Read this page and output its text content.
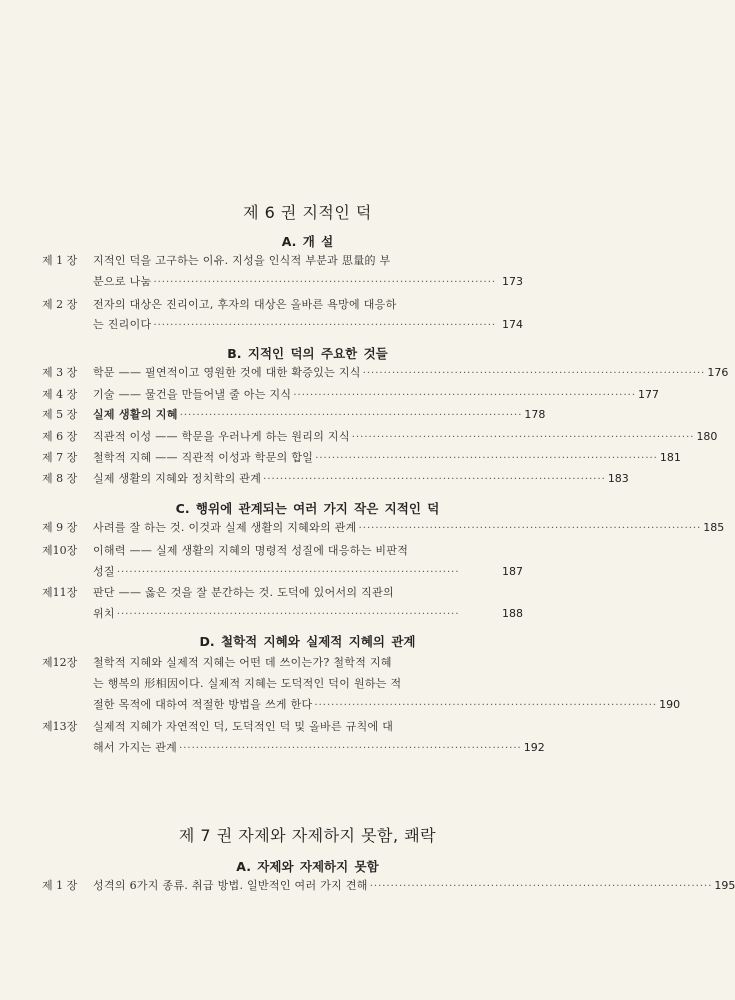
제 6 권 지적인 덕
A. 개 설
제 1 장 지적인 덕을 고구하는 이유. 지성을 인식적 부분과 思量的 부
분으로 나눔 ·················································································· 173
제 2 장 전자의 대상은 진리이고, 후자의 대상은 올바른 욕망에 대응하
는 진리이다 ·················································································· 174
B. 지적인 덕의 주요한 것들
제 3 장 학문 —— 필연적이고 영원한 것에 대한 확증있는 지식 ·················································································· 176
제 4 장 기술 —— 물건을 만들어낼 줄 아는 지식 ·················································································· 177
제 5 장 실제 생활의 지혜 ·················································································· 178
제 6 장 직관적 이성 —— 학문을 우러나게 하는 원리의 지식 ·················································································· 180
제 7 장 철학적 지혜 —— 직관적 이성과 학문의 합일 ·················································································· 181
제 8 장 실제 생활의 지혜와 정치학의 관계 ·················································································· 183
C. 행위에 관계되는 여러 가지 작은 지적인 덕
제 9 장 사려를 잘 하는 것. 이것과 실제 생활의 지혜와의 관계 ·················································································· 185
제10장 이해력 —— 실제 생활의 지혜의 명령적 성질에 대응하는 비판적
성질 ··················································································	187
제11장 판단 —— 옳은 것을 잘 분간하는 것. 도덕에 있어서의 직관의
위치 ··················································································	188
D. 철학적 지혜와 실제적 지혜의 관계
제12장 철학적 지혜와 실제적 지혜는 어떤 데 쓰이는가? 철학적 지혜
는 행복의 形相因이다. 실제적 지혜는 도덕적인 덕이 원하는 적
절한 목적에 대하여 적절한 방법을 쓰게 한다 ·················································································· 190
제13장 실제적 지혜가 자연적인 덕, 도덕적인 덕 및 올바른 규칙에 대
해서 가지는 관계 ·················································································· 192
제 7 권 자제와 자제하지 못함, 쾌락
A. 자제와 자제하지 못함
제 1 장 성격의 6가지 종류. 취급 방법. 일반적인 여러 가지 견해 ·················································································· 195
